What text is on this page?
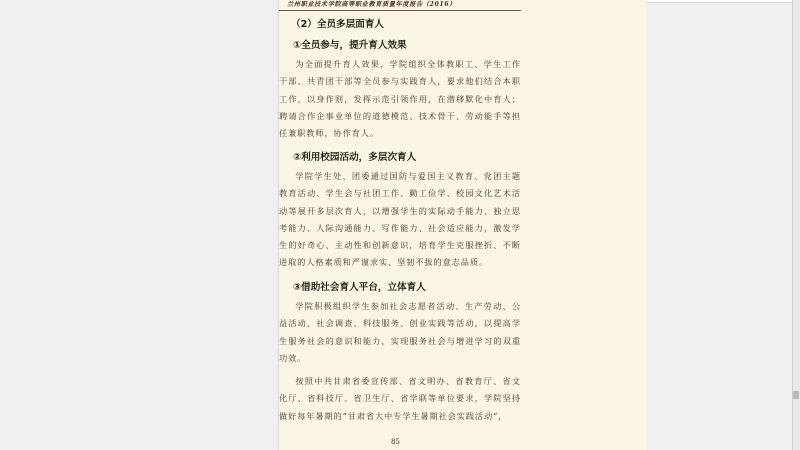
兰州职业技术学院高等职业教育质量年度报告（2016）
（2）全员多层面育人
①全员参与，提升育人效果
为全面提升育人效果，学院组织全体教职工、学生工作干部、共青团干部等全员参与实践育人，要求他们结合本职工作，以身作则，发挥示范引领作用，在潜移默化中育人；聘请合作企事业单位的道德模范、技术骨干、劳动能手等担任兼职教师，协作育人。
②利用校园活动，多层次育人
学院学生处、团委通过国防与爱国主义教育、党团主题教育活动、学生会与社团工作、勤工俭学、校园文化艺术活动等展开多层次育人，以增强学生的实际动手能力、独立思考能力、人际沟通能力、写作能力、社会适应能力，激发学生的好奇心、主动性和创新意识，培育学生克服挫折、不断进取的人格素质和严谨求实、坚韧不拔的意志品质。
③借助社会育人平台，立体育人
学院积极组织学生参加社会志愿者活动、生产劳动、公益活动、社会调查、科技服务、创业实践等活动，以提高学生服务社会的意识和能力，实现服务社会与增进学习的双重功效。
按照中共甘肃省委宣传部、省文明办、省教育厅、省文化厅、省科技厅、省卫生厅、省学联等单位要求，学院坚持做好每年暑期的“甘肃省大中专学生暑期社会实践活动”，
85
